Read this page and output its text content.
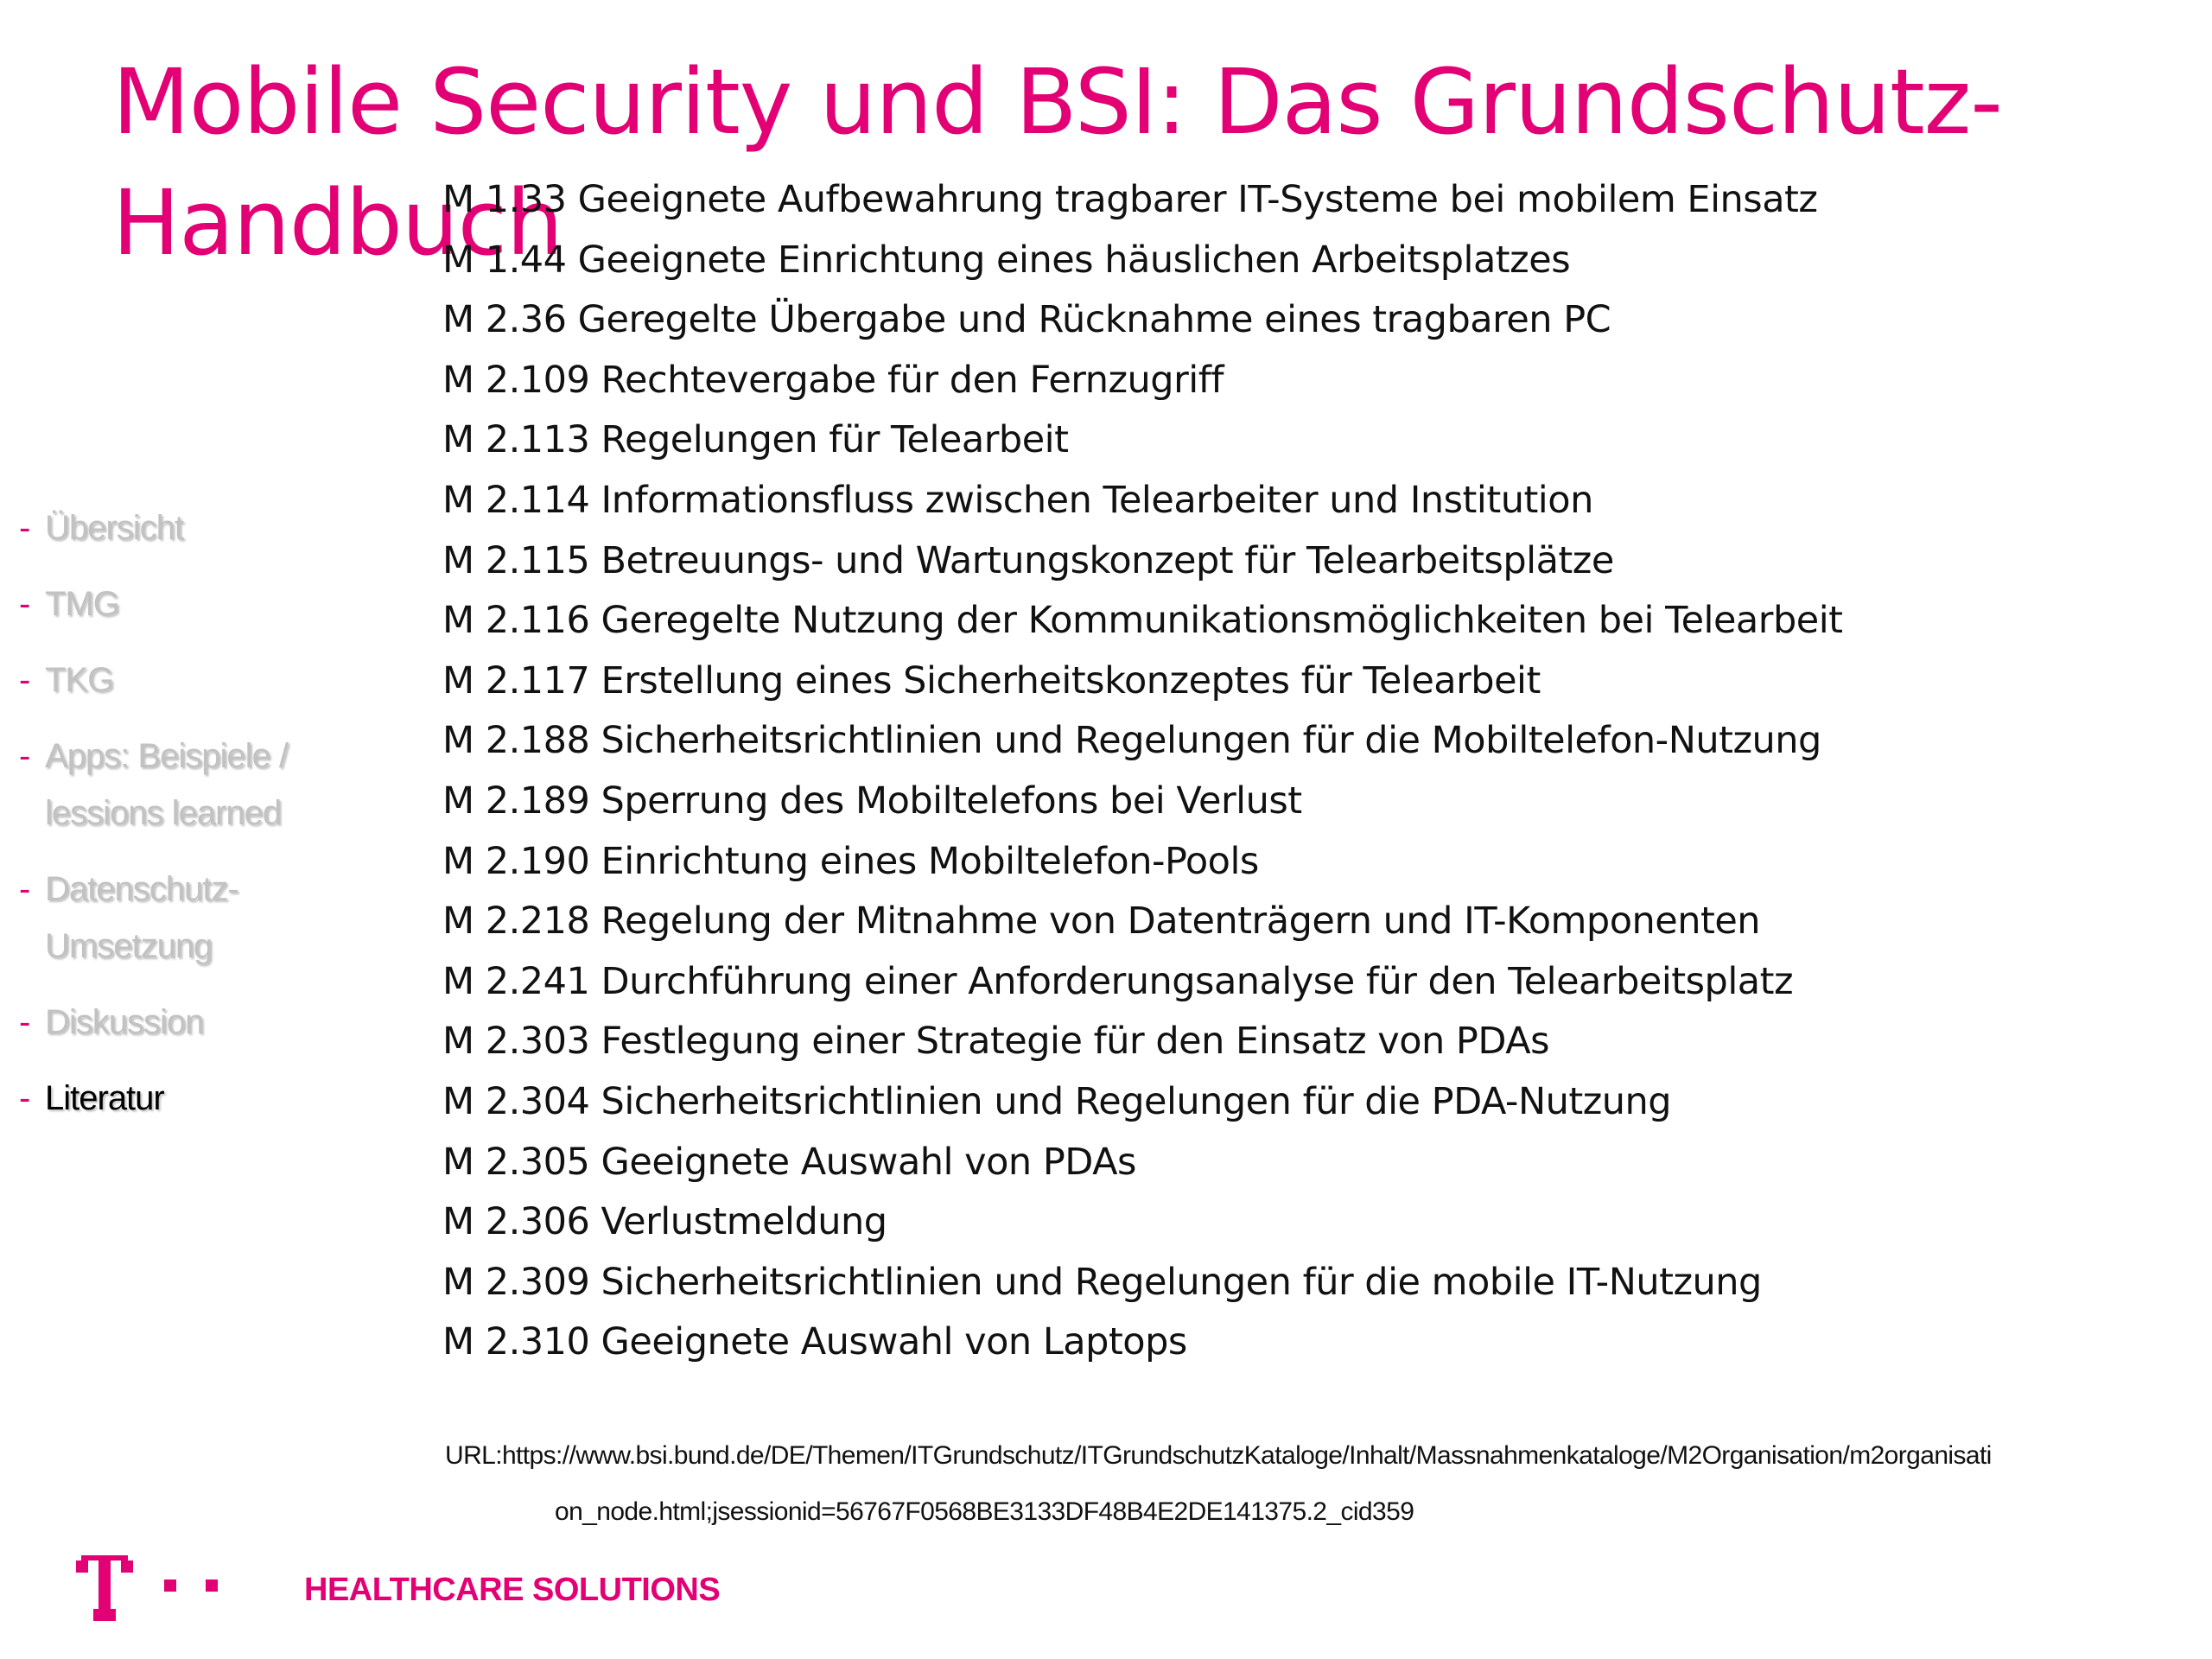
Mobile Security und BSI: Das Grundschutz-Handbuch
- Übersicht
- TMG
- TKG
- Apps: Beispiele / lessions learned
- Datenschutz-Umsetzung
- Diskussion
- Literatur
M 1.33 Geeignete Aufbewahrung tragbarer IT-Systeme bei mobilem Einsatz
M 1.44 Geeignete Einrichtung eines häuslichen Arbeitsplatzes
M 2.36 Geregelte Übergabe und Rücknahme eines tragbaren PC
M 2.109 Rechtevergabe für den Fernzugriff
M 2.113 Regelungen für Telearbeit
M 2.114 Informationsfluss zwischen Telearbeiter und Institution
M 2.115 Betreuungs- und Wartungskonzept für Telearbeitsplätze
M 2.116 Geregelte Nutzung der Kommunikationsmöglichkeiten bei Telearbeit
M 2.117 Erstellung eines Sicherheitskonzeptes für Telearbeit
M 2.188 Sicherheitsrichtlinien und Regelungen für die Mobiltelefon-Nutzung
M 2.189 Sperrung des Mobiltelefons bei Verlust
M 2.190 Einrichtung eines Mobiltelefon-Pools
M 2.218 Regelung der Mitnahme von Datenträgern und IT-Komponenten
M 2.241 Durchführung einer Anforderungsanalyse für den Telearbeitsplatz
M 2.303 Festlegung einer Strategie für den Einsatz von PDAs
M 2.304 Sicherheitsrichtlinien und Regelungen für die PDA-Nutzung
M 2.305 Geeignete Auswahl von PDAs
M 2.306 Verlustmeldung
M 2.309 Sicherheitsrichtlinien und Regelungen für die mobile IT-Nutzung
M 2.310 Geeignete Auswahl von Laptops
URL:https://www.bsi.bund.de/DE/Themen/ITGrundschutz/ITGrundschutzKataloge/Inhalt/Massnahmenkataloge/M2Organisation/m2organisati
on_node.html;jsessionid=56767F0568BE3133DF48B4E2DE141375.2_cid359
HEALTHCARE SOLUTIONS
